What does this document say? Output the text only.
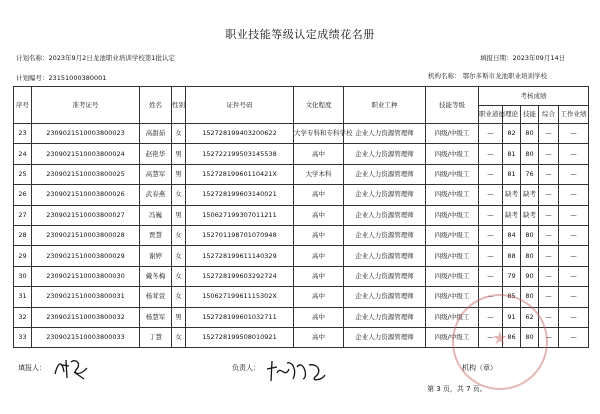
职业技能等级认定成绩花名册
计划名称：2023年9月2日龙池职业培训学校第1批认定	填报日期：2023年09月14日
计划编号：23151000380001	机构名称： 鄂尔多斯市龙池职业培训学校
序号	准考证号	姓名	性别	证件号码	文化程度	职业工种	技能等级	考核成绩				
								职业道德	理论	技能	综合	工作业绩
23	2309021510003800023	高甜茹	女	152728199403200622	大学专科和专科学校	企业人力资源管理师	四级/中级工	—	82	80	—	—
24	2309021510003800024	赵艳华	男	152722199503145538	高中	企业人力资源管理师	四级/中级工	—	81	80	—	—
25	2309021510003800025	高慧军	男	15272819960110421X	大学本科	企业人力资源管理师	四级/中级工	—	81	76	—	—
26	2309021510003800026	武春燕	女	152728199603140021	高中	企业人力资源管理师	四级/中级工	—	缺考	缺考	—	—
27	2309021510003800027	冯巍	男	150627199307011211	高中	企业人力资源管理师	四级/中级工	—	缺考	缺考	—	—
28	2309021510003800028	贾慧	女	152701198701070948	高中	企业人力资源管理师	四级/中级工	—	84	80	—	—
29	2309021510003800029	谢婷	女	152728199611140329	高中	企业人力资源管理师	四级/中级工	—	88	80	—	—
30	2309021510003800030	戴冬梅	女	152728199603292724	高中	企业人力资源管理师	四级/中级工	—	79	90	—	—
31	2309021510003800031	杨茸萱	女	15062719961115302X	高中	企业人力资源管理师	四级/中级工	—	85	80	—	—
32	2309021510003800032	杨慧军	男	152728199601032711	高中	企业人力资源管理师	四级/中级工	—	91	62	—	—
33	2309021510003800033	丁慧	女	152728199508010921	高中	企业人力资源管理师	四级/中级工	—	86	80	—	—
★
填报人：	负责人：	机构（章）
第 3 页，共 7 页。
